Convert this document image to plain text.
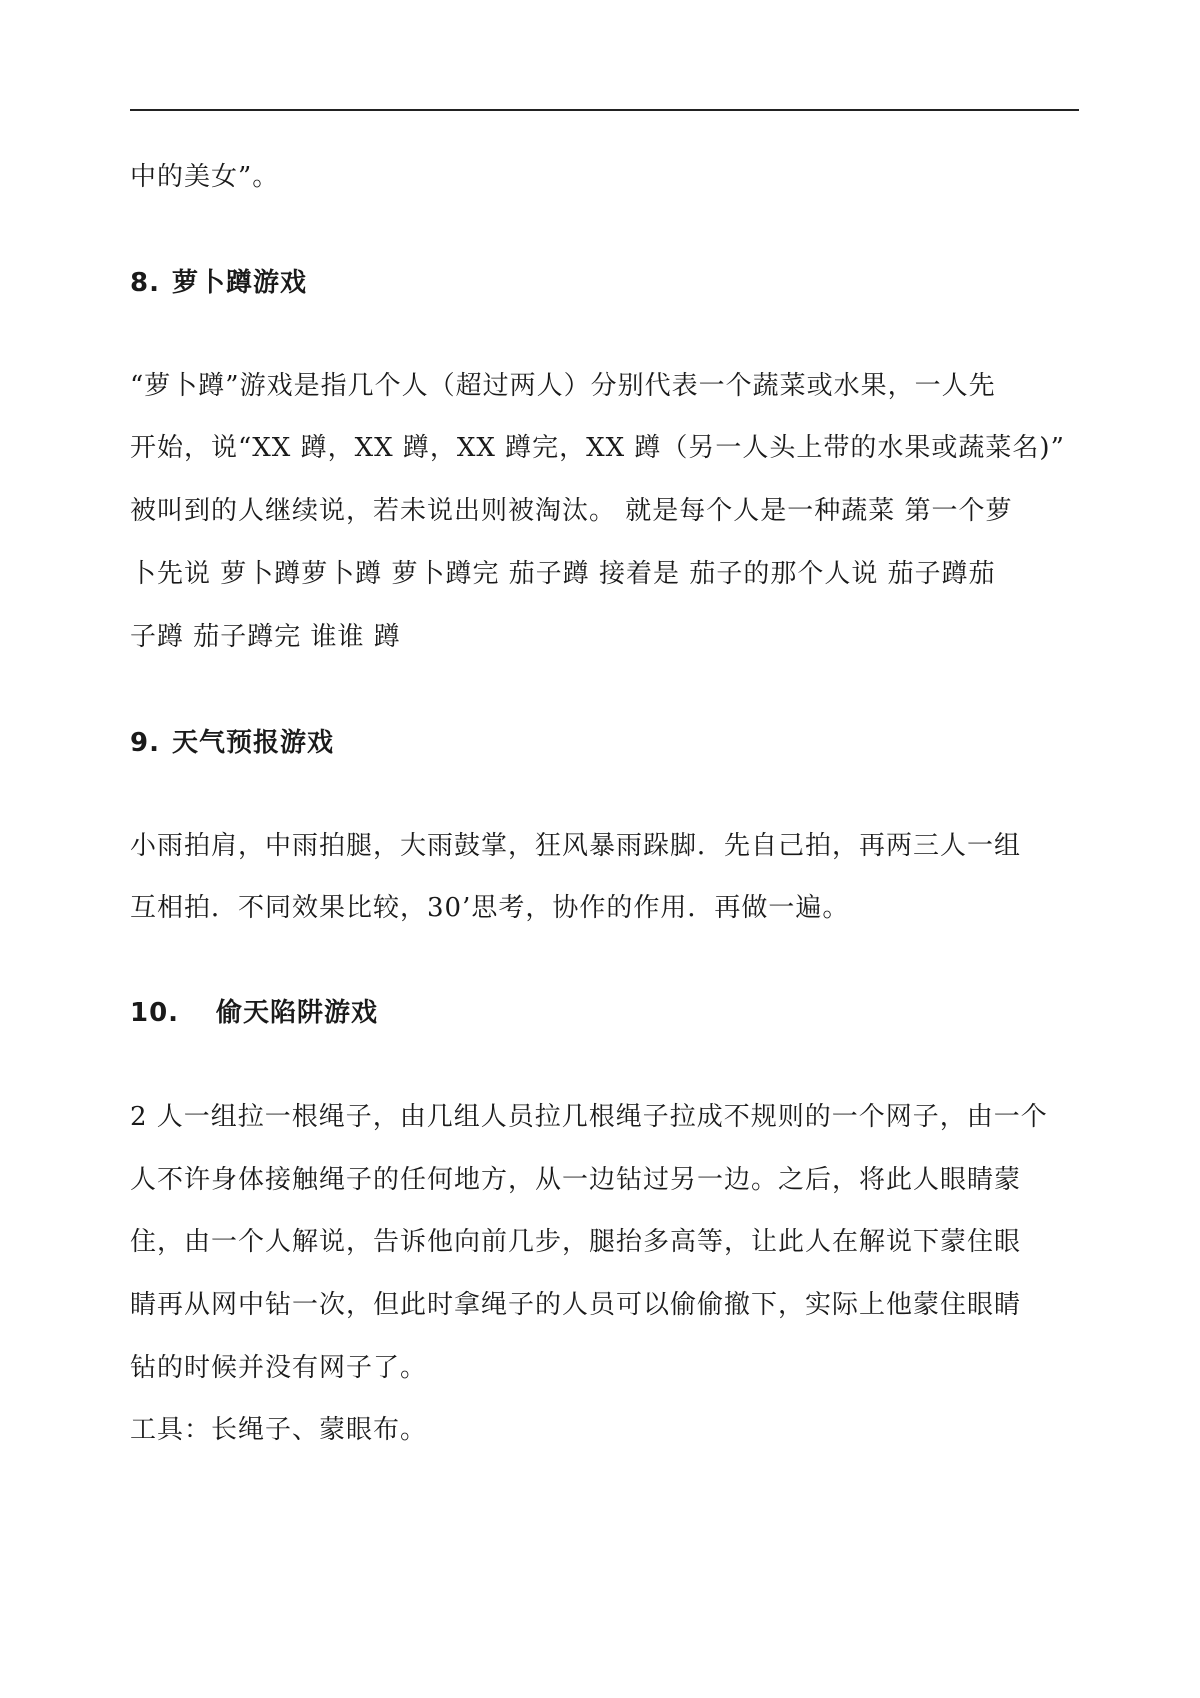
中的美女”。
8. 萝卜蹲游戏
“萝卜蹲”游戏是指几个人（超过两人）分别代表一个蔬菜或水果，一人先
开始，说“XX 蹲，XX 蹲，XX 蹲完，XX 蹲（另一人头上带的水果或蔬菜名)”
被叫到的人继续说，若未说出则被淘汰。 就是每个人是一种蔬菜 第一个萝
卜先说 萝卜蹲萝卜蹲 萝卜蹲完 茄子蹲 接着是 茄子的那个人说 茄子蹲茄
子蹲 茄子蹲完 谁谁 蹲
9. 天气预报游戏
小雨拍肩，中雨拍腿，大雨鼓掌，狂风暴雨跺脚．先自己拍，再两三人一组
互相拍．不同效果比较，30’思考，协作的作用．再做一遍。
10. 偷天陷阱游戏
2 人一组拉一根绳子，由几组人员拉几根绳子拉成不规则的一个网子，由一个
人不许身体接触绳子的任何地方，从一边钻过另一边。之后，将此人眼睛蒙
住，由一个人解说，告诉他向前几步，腿抬多高等，让此人在解说下蒙住眼
睛再从网中钻一次，但此时拿绳子的人员可以偷偷撤下，实际上他蒙住眼睛
钻的时候并没有网子了。
工具：长绳子、蒙眼布。
